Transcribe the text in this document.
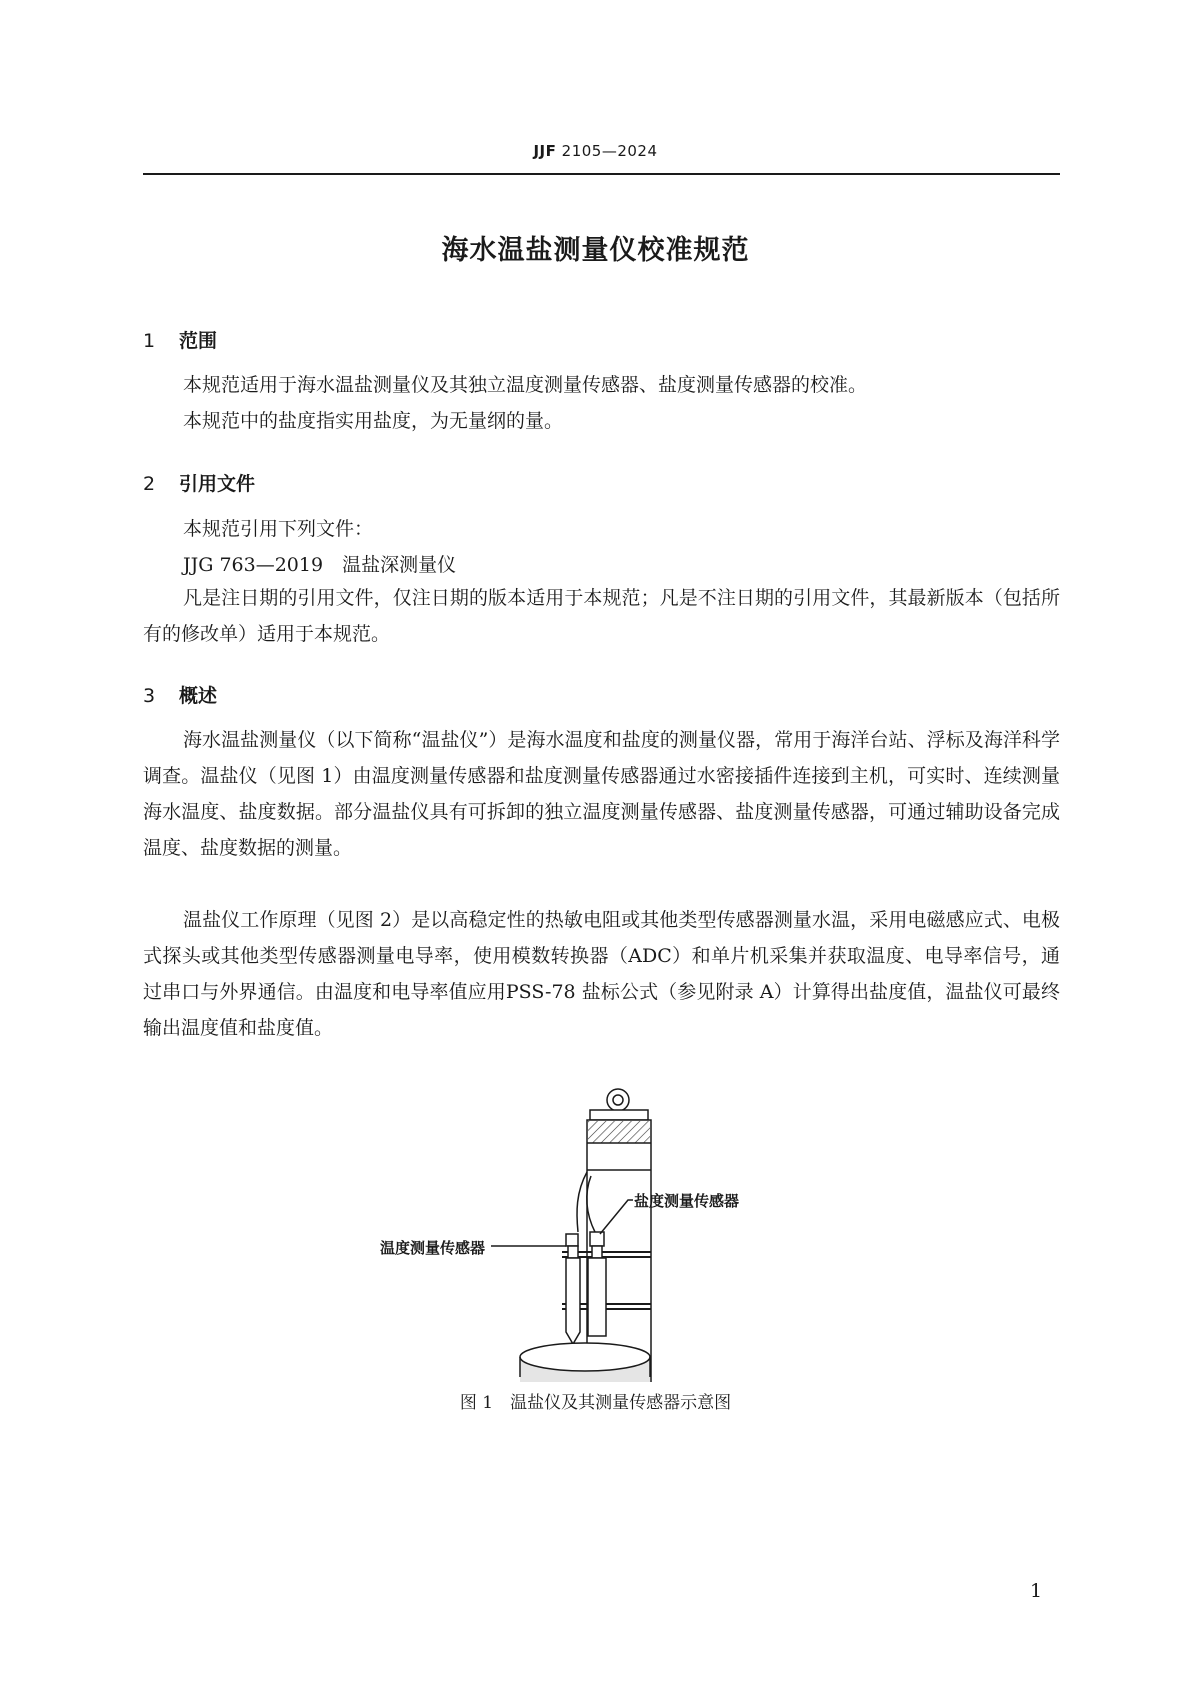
JJF 2105—2024
海水温盐测量仪校准规范
1 范围
本规范适用于海水温盐测量仪及其独立温度测量传感器、盐度测量传感器的校准。
本规范中的盐度指实用盐度，为无量纲的量。
2 引用文件
本规范引用下列文件：
JJG 763—2019　温盐深测量仪
凡是注日期的引用文件，仅注日期的版本适用于本规范；凡是不注日期的引用文件，其最新版本（包括所有的修改单）适用于本规范。
3 概述
海水温盐测量仪（以下简称“温盐仪”）是海水温度和盐度的测量仪器，常用于海洋台站、浮标及海洋科学调查。温盐仪（见图 1）由温度测量传感器和盐度测量传感器通过水密接插件连接到主机，可实时、连续测量海水温度、盐度数据。部分温盐仪具有可拆卸的独立温度测量传感器、盐度测量传感器，可通过辅助设备完成温度、盐度数据的测量。
温盐仪工作原理（见图 2）是以高稳定性的热敏电阻或其他类型传感器测量水温，采用电磁感应式、电极式探头或其他类型传感器测量电导率，使用模数转换器（ADC）和单片机采集并获取温度、电导率信号，通过串口与外界通信。由温度和电导率值应用PSS-78 盐标公式（参见附录 A）计算得出盐度值，温盐仪可最终输出温度值和盐度值。
盐度测量传感器
温度测量传感器
图 1　温盐仪及其测量传感器示意图
1
